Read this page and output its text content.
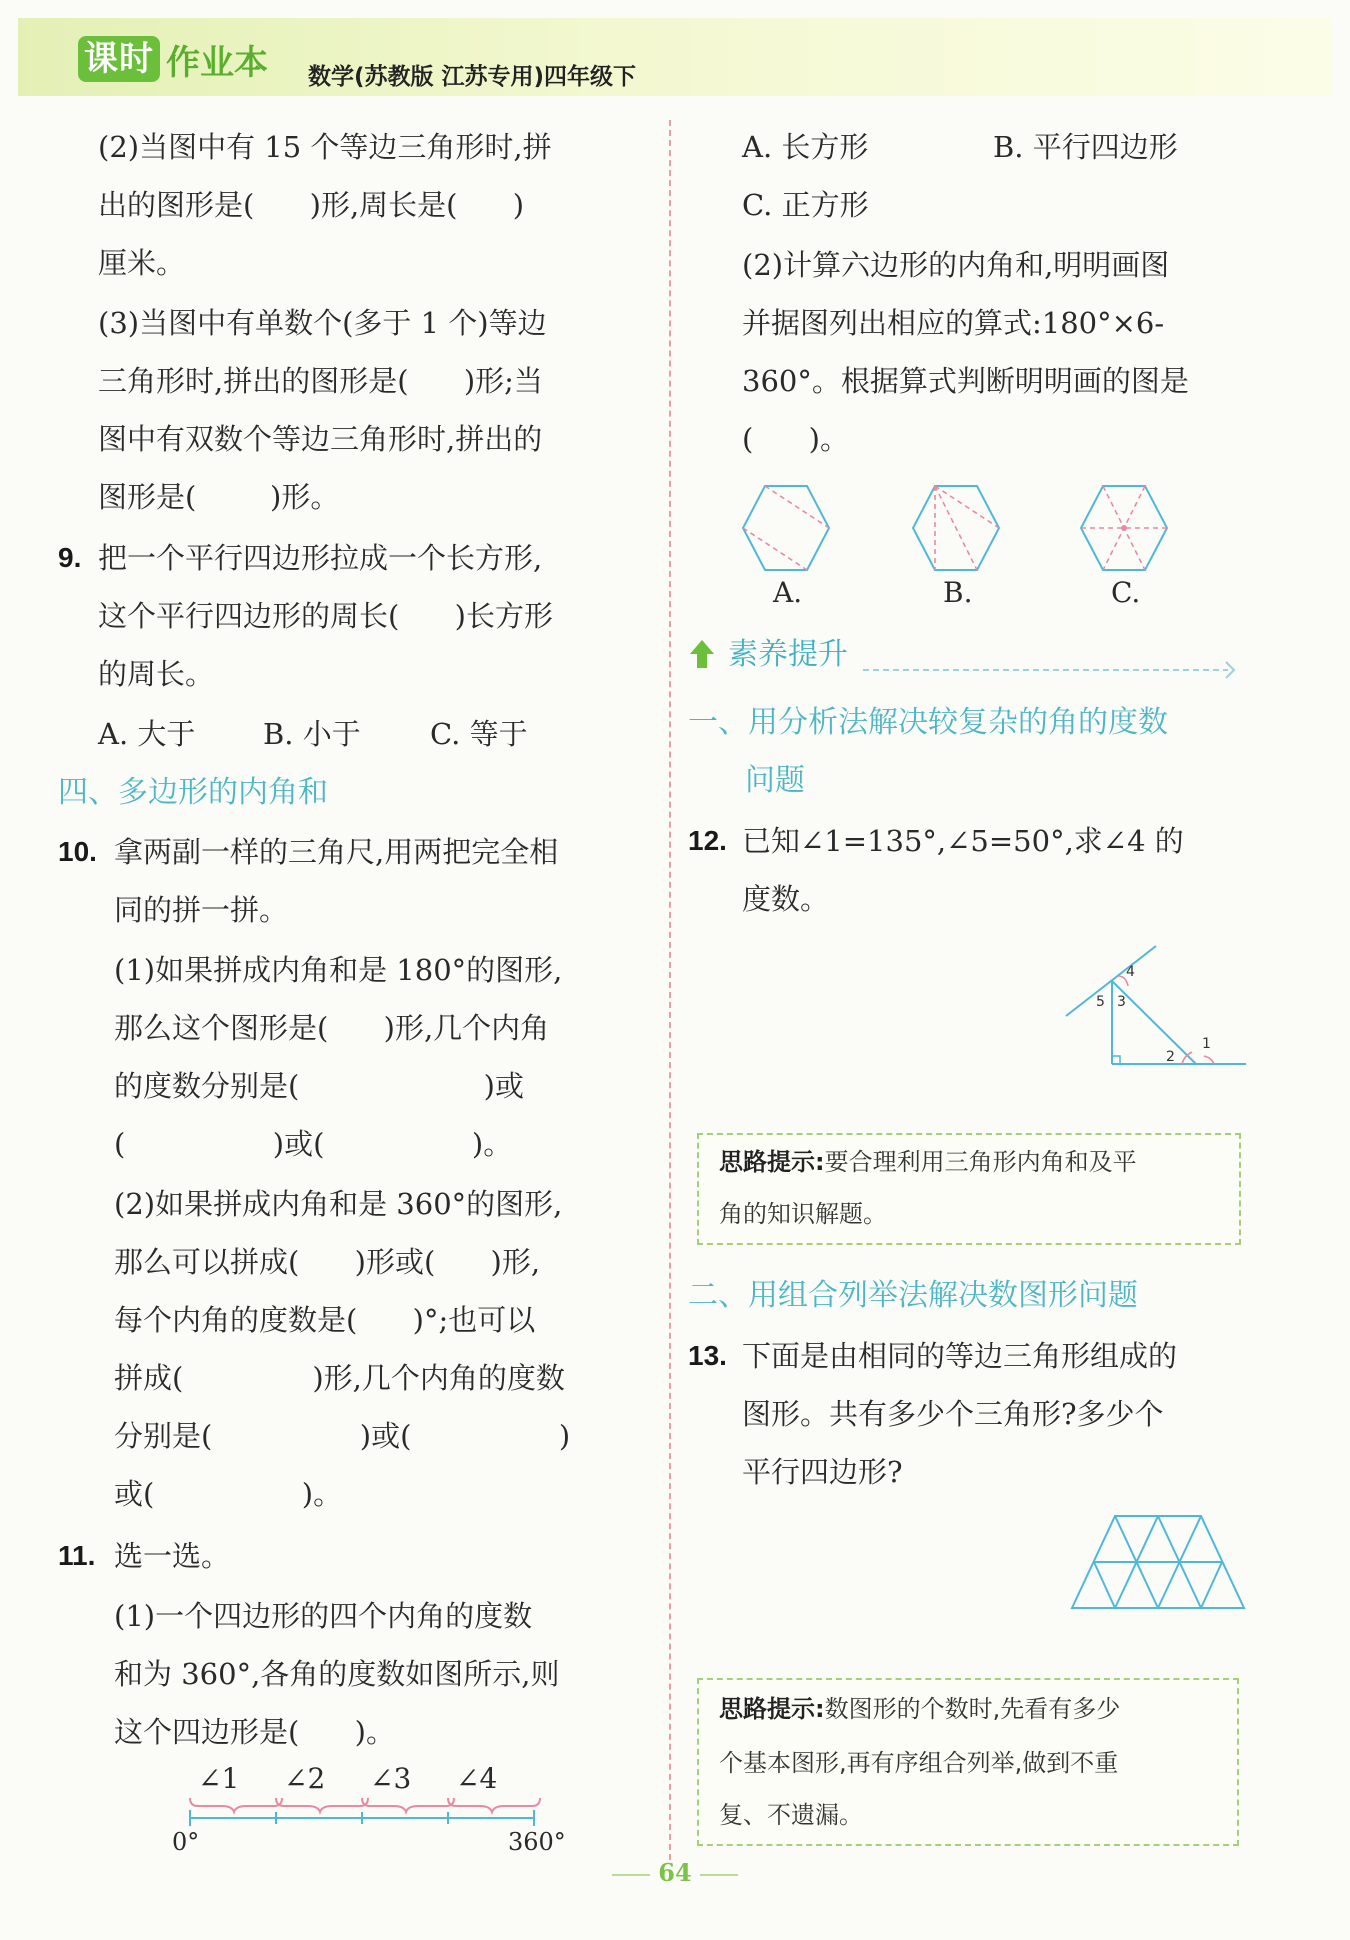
课时 作业本 数学(苏教版 江苏专用)四年级下
(2)当图中有 15 个等边三角形时,拼
出的图形是(      )形,周长是(      )
厘米。
(3)当图中有单数个(多于 1 个)等边
三角形时,拼出的图形是(      )形;当
图中有双数个等边三角形时,拼出的
图形是(        )形。
9. 把一个平行四边形拉成一个长方形,
这个平行四边形的周长(      )长方形
的周长。
A. 大于 B. 小于 C. 等于
四、多边形的内角和
10. 拿两副一样的三角尺,用两把完全相
同的拼一拼。
(1)如果拼成内角和是 180°的图形,
那么这个图形是(      )形,几个内角
的度数分别是(                    )或
(                )或(                )。
(2)如果拼成内角和是 360°的图形,
那么可以拼成(      )形或(      )形,
每个内角的度数是(      )°;也可以
拼成(              )形,几个内角的度数
分别是(                )或(                )
或(                )。
11. 选一选。
(1)一个四边形的四个内角的度数
和为 360°,各角的度数如图所示,则
这个四边形是(      )。
∠1 ∠2 ∠3 ∠4
0°	360°
A. 长方形	B. 平行四边形
C. 正方形
(2)计算六边形的内角和,明明画图
并据图列出相应的算式:180°×6-
360°。根据算式判断明明画的图是
(      )。
A.	B.	C.
素养提升
一、用分析法解决较复杂的角的度数
问题
12. 已知∠1=135°,∠5=50°,求∠4 的
度数。
4
5 3
2
1
思路提示:要合理利用三角形内角和及平
角的知识解题。
二、用组合列举法解决数图形问题
13. 下面是由相同的等边三角形组成的
图形。共有多少个三角形?多少个
平行四边形?
思路提示:数图形的个数时,先看有多少
个基本图形,再有序组合列举,做到不重
复、不遗漏。
64
